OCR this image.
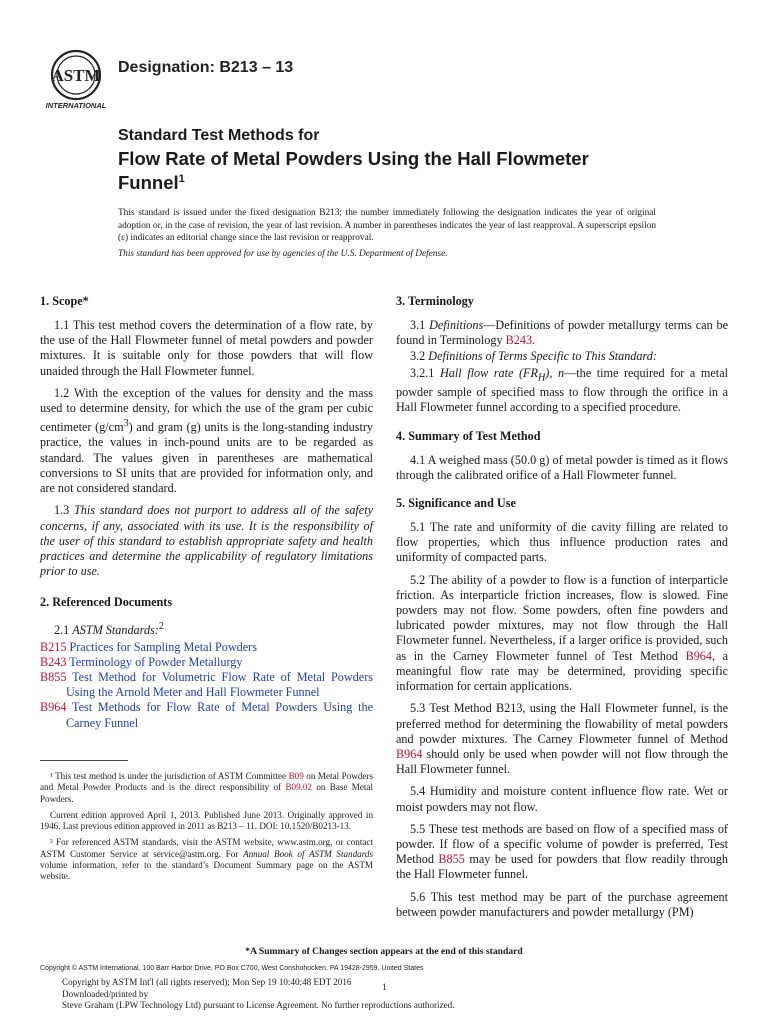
ASTM
INTERNATIONAL
Designation: B213 – 13
Standard Test Methods for
Flow Rate of Metal Powders Using the Hall Flowmeter Funnel$^1$
This standard is issued under the fixed designation B213; the number immediately following the designation indicates the year of original adoption or, in the case of revision, the year of last revision. A number in parentheses indicates the year of last reapproval. A superscript epsilon (ε) indicates an editorial change since the last revision or reapproval.
This standard has been approved for use by agencies of the U.S. Department of Defense.
1. Scope*

1.1 This test method covers the determination of a flow rate, by the use of the Hall Flowmeter funnel of metal powders and powder mixtures. It is suitable only for those powders that will flow unaided through the Hall Flowmeter funnel.

1.2 With the exception of the values for density and the mass used to determine density, for which the use of the gram per cubic centimeter $(g/cm^3)$ and gram (g) units is the long-standing industry practice, the values in inch-pound units are to be regarded as standard. The values given in parentheses are mathematical conversions to SI units that are provided for information only, and are not considered standard.

1.3 This standard does not purport to address all of the safety concerns, if any, associated with its use. It is the responsibility of the user of this standard to establish appropriate safety and health practices and determine the applicability of regulatory limitations prior to use.

2. Referenced Documents

2.1 ASTM Standards:$^2$

B215 Practices for Sampling Metal Powders
B243 Terminology of Powder Metallurgy
B855 Test Method for Volumetric Flow Rate of Metal Powders Using the Arnold Meter and Hall Flowmeter Funnel
B964 Test Methods for Flow Rate of Metal Powders Using the Carney Funnel

¹ This test method is under the jurisdiction of ASTM Committee B09 on Metal Powders and Metal Powder Products and is the direct responsibility of B09.02 on Base Metal Powders.

Current edition approved April 1, 2013. Published June 2013. Originally approved in 1946. Last previous edition approved in 2011 as B213 – 11. DOI: 10.1520/B0213-13.

² For referenced ASTM standards, visit the ASTM website, www.astm.org, or contact ASTM Customer Service at service@astm.org. For Annual Book of ASTM Standards volume information, refer to the standard’s Document Summary page on the ASTM website.

3. Terminology

3.1 Definitions—Definitions of powder metallurgy terms can be found in Terminology B243.

3.2 Definitions of Terms Specific to This Standard:

3.2.1 Hall flow rate $(FR_H)$, n—the time required for a metal powder sample of specified mass to flow through the orifice in a Hall Flowmeter funnel according to a specified procedure.

4. Summary of Test Method

4.1 A weighed mass (50.0 g) of metal powder is timed as it flows through the calibrated orifice of a Hall Flowmeter funnel.

5. Significance and Use

5.1 The rate and uniformity of die cavity filling are related to flow properties, which thus influence production rates and uniformity of compacted parts.

5.2 The ability of a powder to flow is a function of interparticle friction. As interparticle friction increases, flow is slowed. Fine powders may not flow. Some powders, often fine powders and lubricated powder mixtures, may not flow through the Hall Flowmeter funnel. Nevertheless, if a larger orifice is provided, such as in the Carney Flowmeter funnel of Test Method B964, a meaningful flow rate may be determined, providing specific information for certain applications.

5.3 Test Method B213, using the Hall Flowmeter funnel, is the preferred method for determining the flowability of metal powders and powder mixtures. The Carney Flowmeter funnel of Method B964 should only be used when powder will not flow through the Hall Flowmeter funnel.

5.4 Humidity and moisture content influence flow rate. Wet or moist powders may not flow.

5.5 These test methods are based on flow of a specified mass of powder. If flow of a specific volume of powder is preferred, Test Method B855 may be used for powders that flow readily through the Hall Flowmeter funnel.

5.6 This test method may be part of the purchase agreement between powder manufacturers and powder metallurgy (PM)

*A Summary of Changes section appears at the end of this standard
Copyright © ASTM International, 100 Barr Harbor Drive, PO Box C700, West Conshohocken, PA 19428-2959. United States
Copyright by ASTM Int'l (all rights reserved); Mon Sep 19 10:40:48 EDT 2016
Downloaded/printed by
Steve Graham (LPW Technology Ltd) pursuant to License Agreement. No further reproductions authorized.
1
